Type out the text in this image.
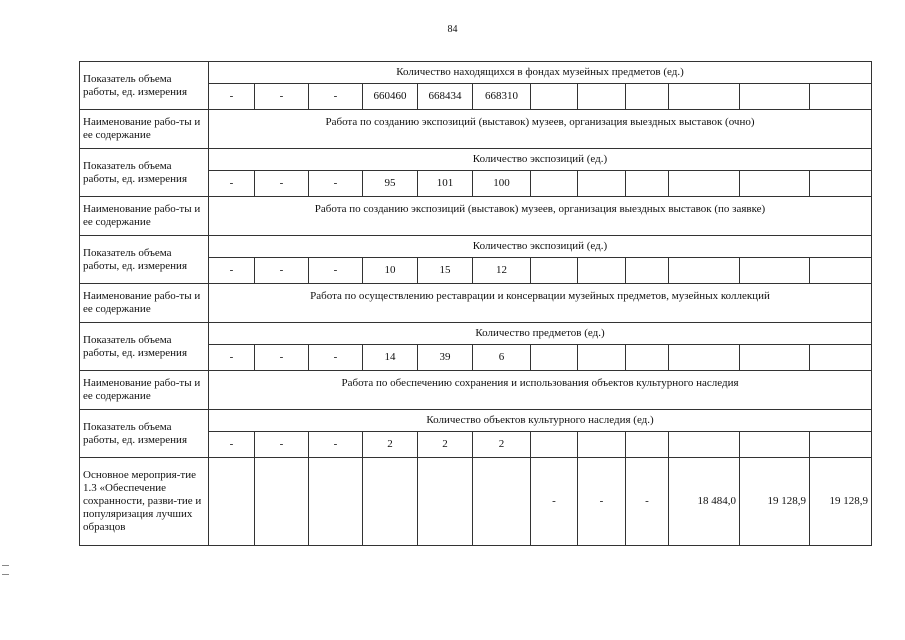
84
Показатель объема работы, ед. измерения	Количество находящихся в фондах музейных предметов (ед.)											
	-	-	-	660460	668434	668310						
Наименование рабо-ты и ее содержание	Работа по созданию экспозиций (выставок) музеев, организация выездных выставок (очно)											
Показатель объема работы, ед. измерения	Количество экспозиций (ед.)											
	-	-	-	95	101	100						
Наименование рабо-ты и ее содержание	Работа по созданию экспозиций (выставок) музеев, организация выездных выставок (по заявке)											
Показатель объема работы, ед. измерения	Количество экспозиций (ед.)											
	-	-	-	10	15	12						
Наименование рабо-ты и ее содержание	Работа по осуществлению реставрации и консервации музейных предметов, музейных коллекций											
Показатель объема работы, ед. измерения	Количество предметов (ед.)											
	-	-	-	14	39	6						
Наименование рабо-ты и ее содержание	Работа по обеспечению сохранения и использования объектов культурного наследия											
Показатель объема работы, ед. измерения	Количество объектов культурного наследия (ед.)											
	-	-	-	2	2	2						
Основное мероприя-тие 1.3 «Обеспечение сохранности, разви-тие и популяризация лучших образцов							-	-	-	18 484,0	19 128,9	19 128,9
